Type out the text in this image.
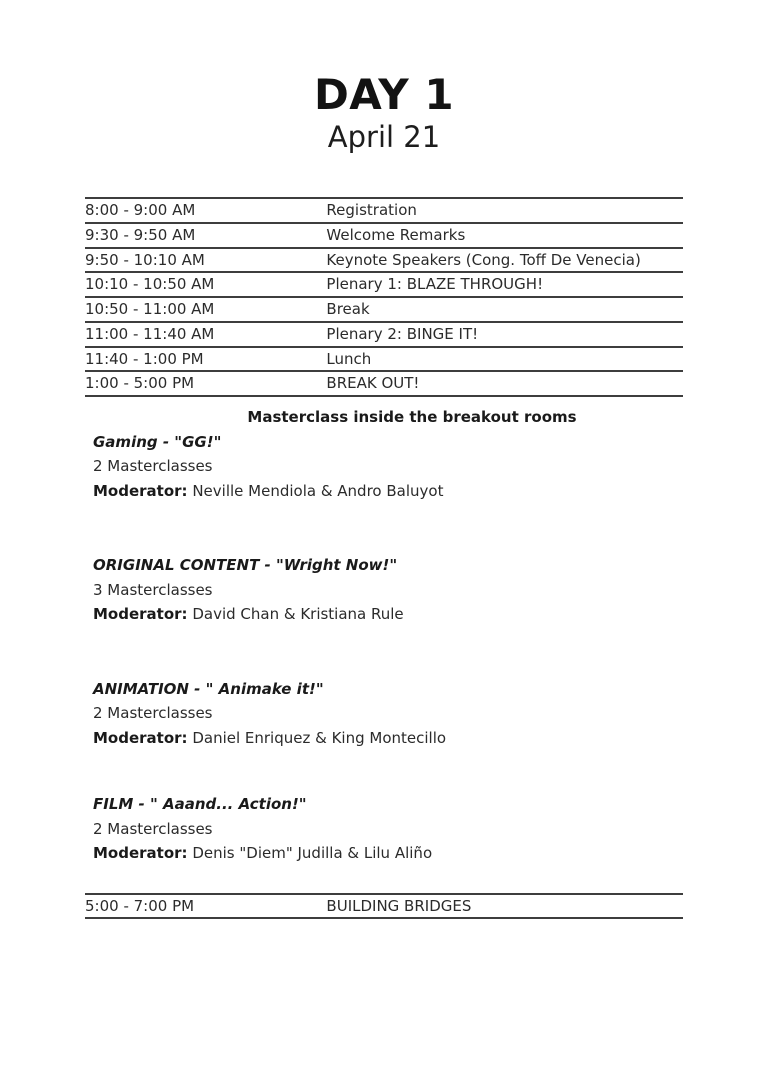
DAY 1
April 21
8:00 - 9:00 AM	Registration
9:30 - 9:50 AM	Welcome Remarks
9:50 - 10:10 AM	Keynote Speakers (Cong. Toff De Venecia)
10:10 - 10:50 AM	Plenary 1: BLAZE THROUGH!
10:50 - 11:00 AM	Break
11:00 - 11:40 AM	Plenary 2: BINGE IT!
11:40 - 1:00 PM	Lunch
1:00 - 5:00 PM	BREAK OUT!

Masterclass inside the breakout rooms

Gaming - "GG!"

2 Masterclasses

Moderator: Neville Mendiola & Andro Baluyot

ORIGINAL CONTENT - "Wright Now!"

3 Masterclasses

Moderator: David Chan & Kristiana Rule

ANIMATION - " Animake it!"

2 Masterclasses

Moderator: Daniel Enriquez & King Montecillo

FILM - " Aaand... Action!"

2 Masterclasses

Moderator: Denis "Diem" Judilla & Lilu Aliño

5:00 - 7:00 PM	BUILDING BRIDGES
